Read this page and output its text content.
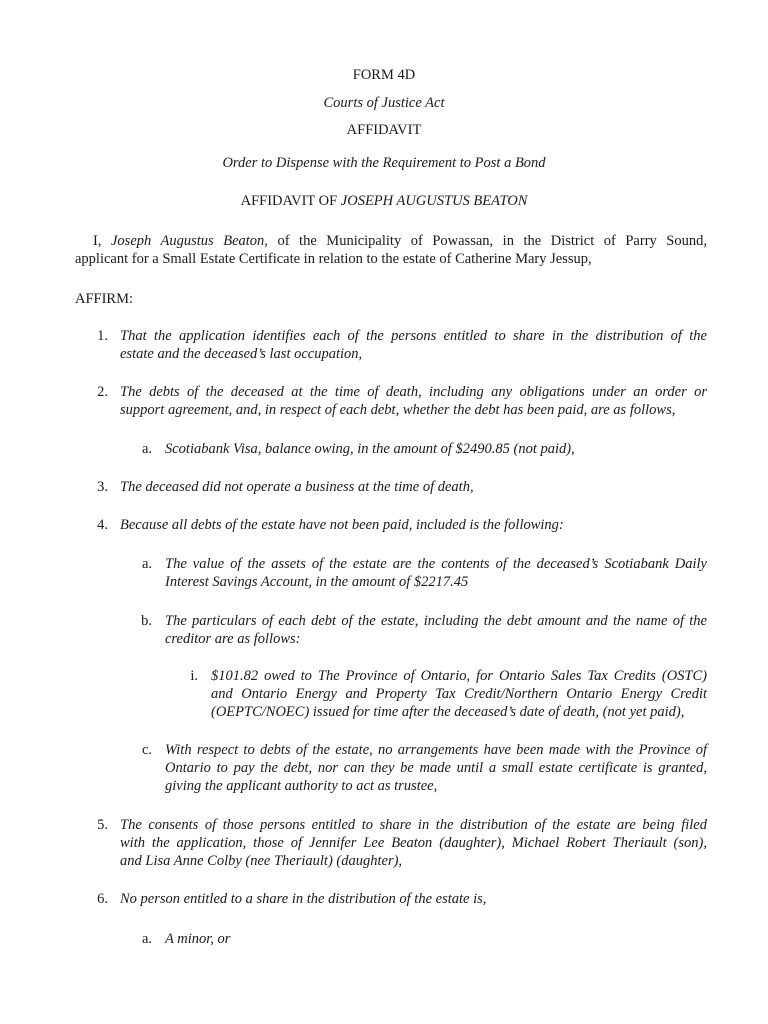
FORM 4D
Courts of Justice Act
AFFIDAVIT
Order to Dispense with the Requirement to Post a Bond
AFFIDAVIT OF JOSEPH AUGUSTUS BEATON
I, Joseph Augustus Beaton, of the Municipality of Powassan, in the District of Parry Sound,
applicant for a Small Estate Certificate in relation to the estate of Catherine Mary Jessup,
AFFIRM:
1. That the application identifies each of the persons entitled to share in the distribution of the
estate and the deceased’s last occupation,
2. The debts of the deceased at the time of death, including any obligations under an order or
support agreement, and, in respect of each debt, whether the debt has been paid, are as follows,
a. Scotiabank Visa, balance owing, in the amount of $2490.85 (not paid),
3. The deceased did not operate a business at the time of death,
4. Because all debts of the estate have not been paid, included is the following:
a. The value of the assets of the estate are the contents of the deceased’s Scotiabank Daily
Interest Savings Account, in the amount of $2217.45
b. The particulars of each debt of the estate, including the debt amount and the name of the
creditor are as follows:
i. $101.82 owed to The Province of Ontario, for Ontario Sales Tax Credits (OSTC)
and Ontario Energy and Property Tax Credit/Northern Ontario Energy Credit
(OEPTC/NOEC) issued for time after the deceased’s date of death, (not yet paid),
c. With respect to debts of the estate, no arrangements have been made with the Province of
Ontario to pay the debt, nor can they be made until a small estate certificate is granted,
giving the applicant authority to act as trustee,
5. The consents of those persons entitled to share in the distribution of the estate are being filed
with the application, those of Jennifer Lee Beaton (daughter), Michael Robert Theriault (son),
and Lisa Anne Colby (nee Theriault) (daughter),
6. No person entitled to a share in the distribution of the estate is,
a. A minor, or
